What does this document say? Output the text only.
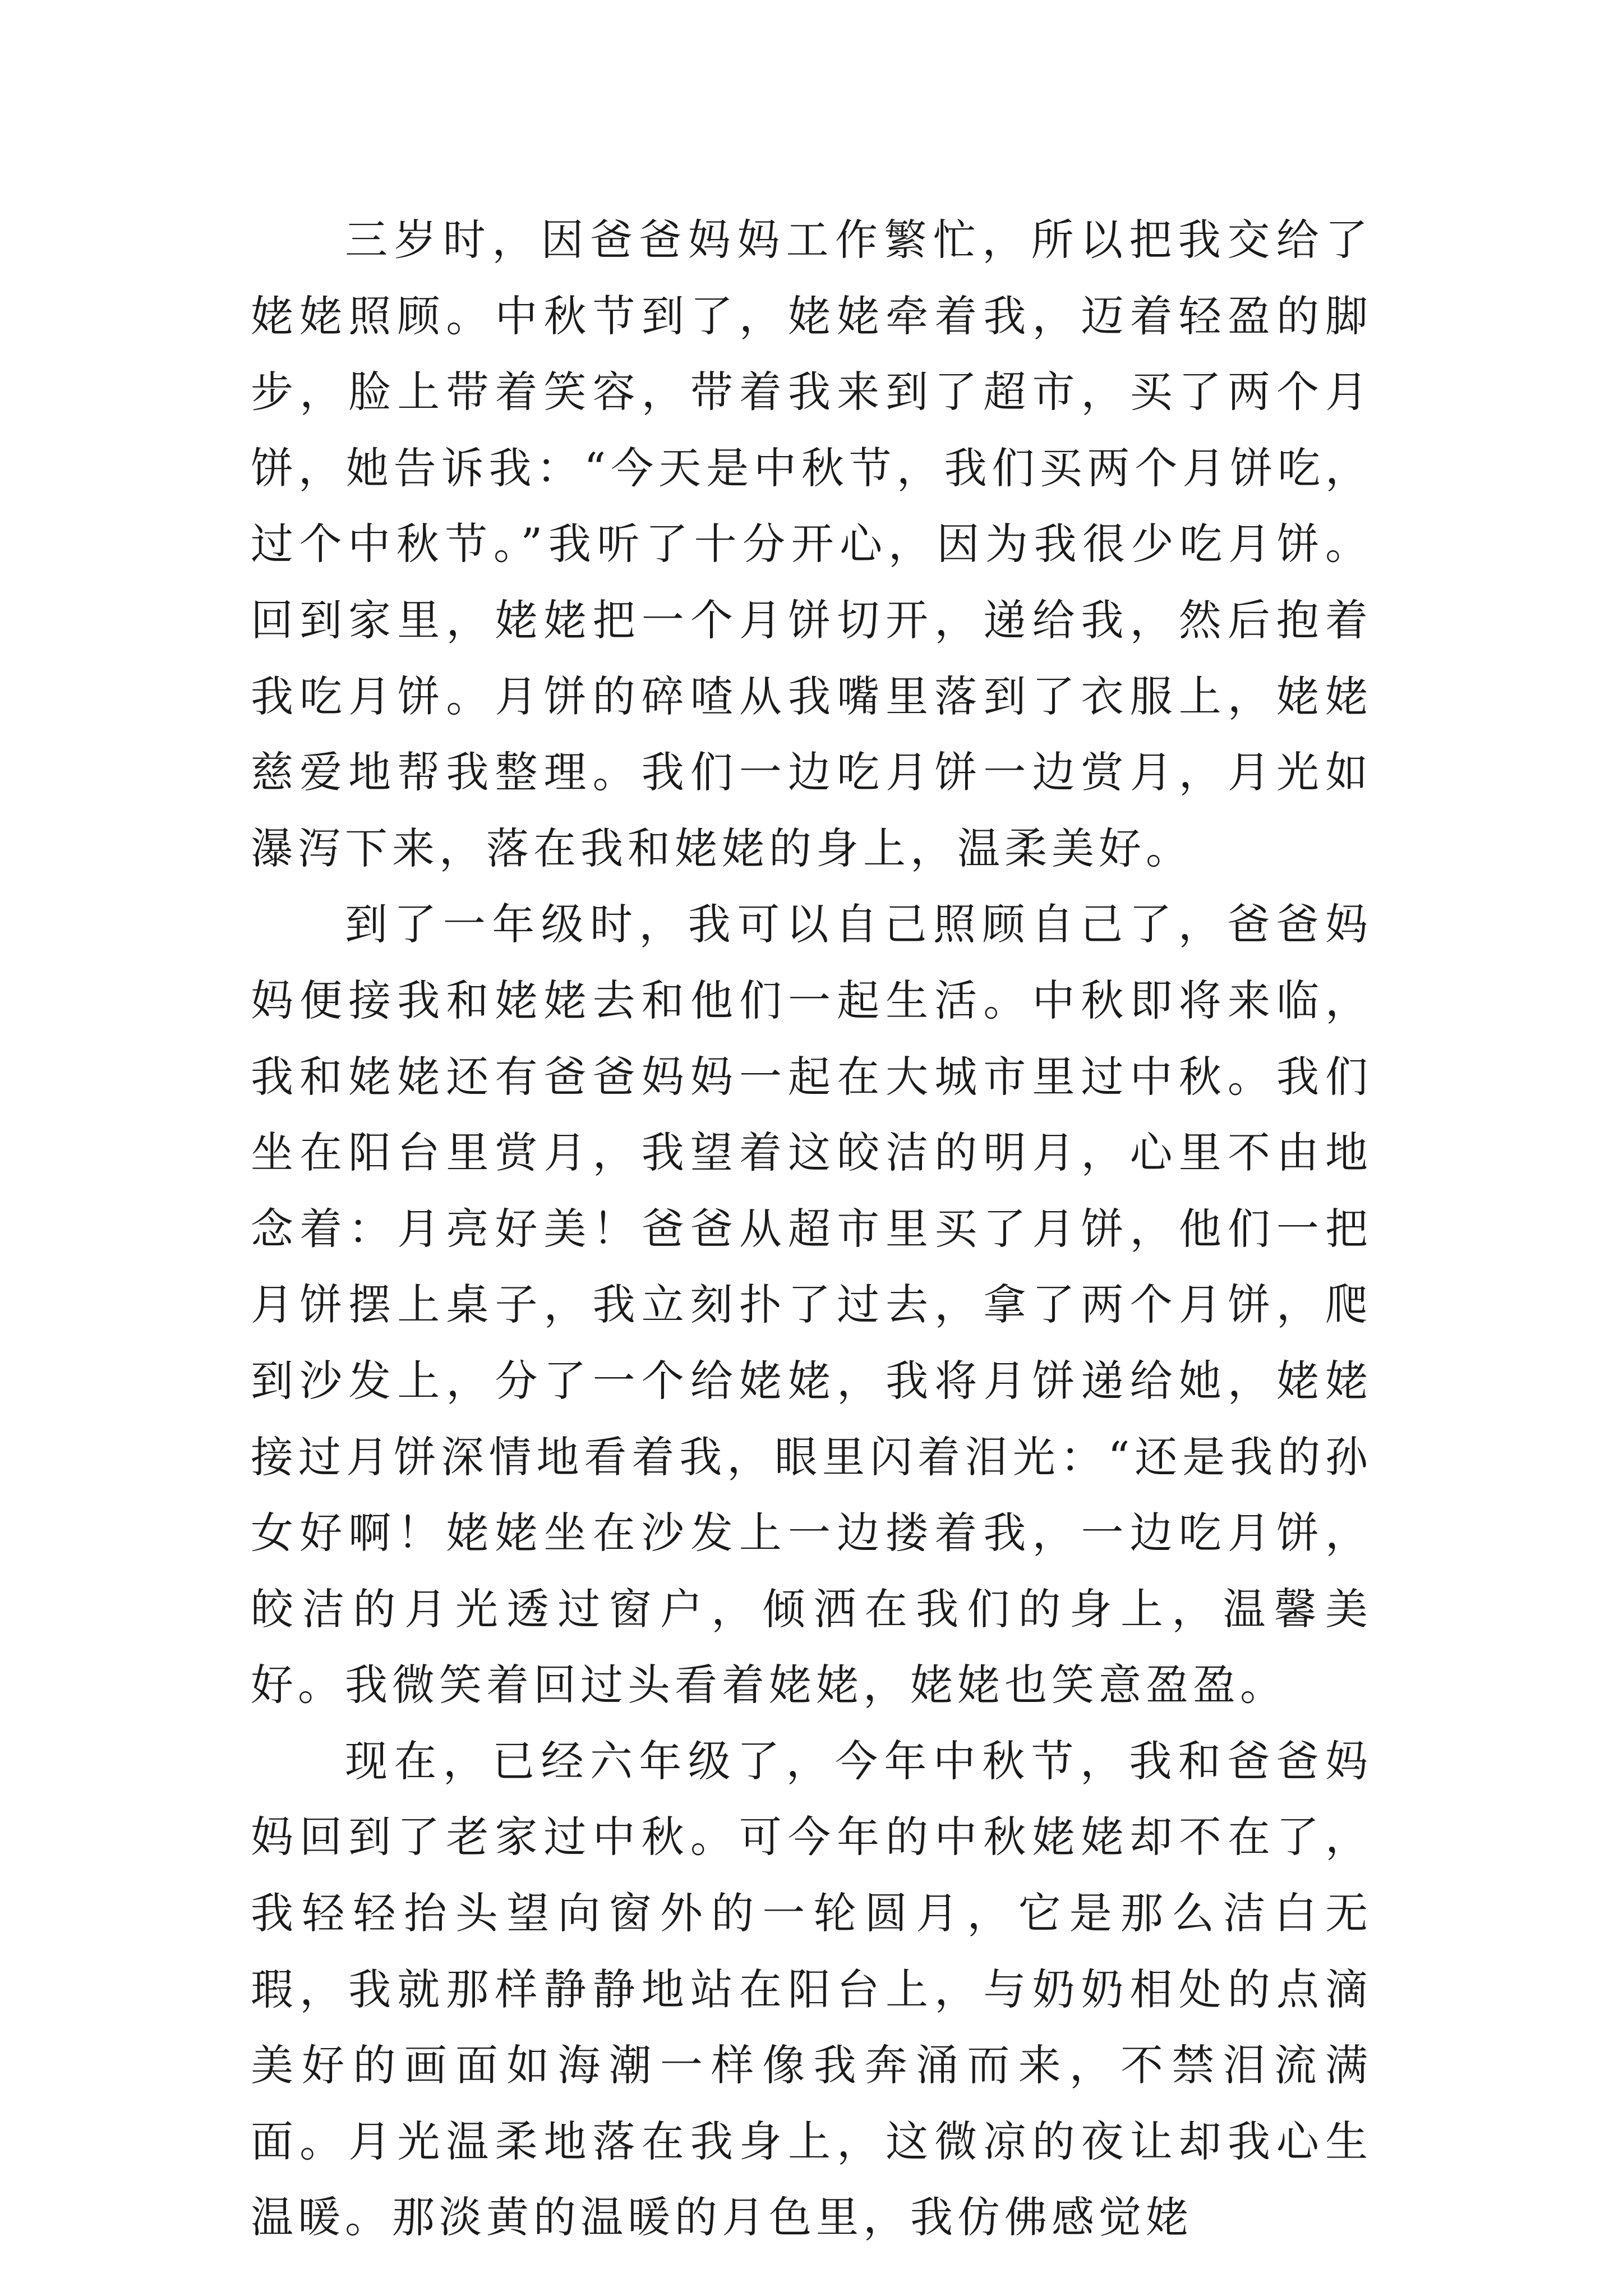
三岁时，因爸爸妈妈工作繁忙，所以把我交给了姥姥照顾。中秋节到了，姥姥牵着我，迈着轻盈的脚步，脸上带着笑容，带着我来到了超市，买了两个月饼，她告诉我：“今天是中秋节，我们买两个月饼吃，过个中秋节。”我听了十分开心，因为我很少吃月饼。回到家里，姥姥把一个月饼切开，递给我，然后抱着我吃月饼。月饼的碎喳从我嘴里落到了衣服上，姥姥慈爱地帮我整理。我们一边吃月饼一边赏月，月光如瀑泻下来，落在我和姥姥的身上，温柔美好。

到了一年级时，我可以自己照顾自己了，爸爸妈妈便接我和姥姥去和他们一起生活。中秋即将来临，我和姥姥还有爸爸妈妈一起在大城市里过中秋。我们坐在阳台里赏月，我望着这皎洁的明月，心里不由地念着：月亮好美！爸爸从超市里买了月饼，他们一把月饼摆上桌子，我立刻扑了过去，拿了两个月饼，爬到沙发上，分了一个给姥姥，我将月饼递给她，姥姥接过月饼深情地看着我，眼里闪着泪光：“还是我的孙女好啊！姥姥坐在沙发上一边搂着我，一边吃月饼，皎洁的月光透过窗户，倾洒在我们的身上，温馨美好。我微笑着回过头看着姥姥，姥姥也笑意盈盈。

现在，已经六年级了，今年中秋节，我和爸爸妈妈回到了老家过中秋。可今年的中秋姥姥却不在了，我轻轻抬头望向窗外的一轮圆月，它是那么洁白无瑕，我就那样静静地站在阳台上，与奶奶相处的点滴美好的画面如海潮一样像我奔涌而来，不禁泪流满面。月光温柔地落在我身上，这微凉的夜让却我心生温暖。那淡黄的温暖的月色里，我仿佛感觉姥
